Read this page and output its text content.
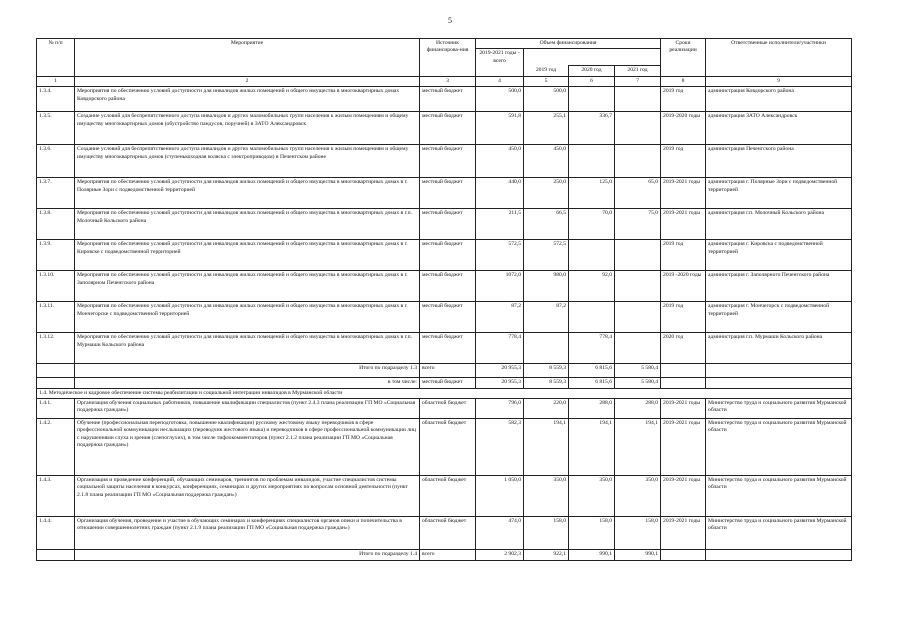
5
№ п/п	Мероприятие	Источник финансирова-ния	Объем финансирования				Сроки реализации	Ответственные исполнители/участники
			2019-2021 годы - всего					
				2019 год	2020 год	2021 год		
1	2	3	4	5	6	7	8	9
1.3.4.	Мероприятия по обеспечению условий доступности для инвалидов жилых помещений и общего имущества в многоквартирных домах Ковдорского района	местный бюджет	500,0	500,0			2019 год	администрация Ковдорского района
1.3.5.	Создание условий для беспрепятственного доступа инвалидов и других маломобильных групп населения к жилым помещениям и общему имуществу многоквартирных домов (обустройство пандусов, поручней) в ЗАТО Александровск	местный бюджет	591,8	255,1	336,7		2019-2020 годы	администрация ЗАТО Александровск
1.3.6.	Создание условий для беспрепятственного доступа инвалидов и других маломобильных групп населения к жилым помещениям и общему имуществу многоквартирных домов (ступенькоходная коляска с электроприводом) в Печенгском районе	местный бюджет	450,0	450,0			2019 год	администрация Печенгского района
1.3.7.	Мероприятия по обеспечению условий доступности для инвалидов жилых помещений и общего имущества в многоквартирных домах в г. Полярные Зори с подведомственной территорией	местный бюджет	440,0	250,0	125,0	65,0	2019-2021 годы	администрация г. Полярные Зори с подведомственной территорией
1.3.8.	Мероприятия по обеспечению условий доступности для инвалидов жилых помещений и общего имущества в многоквартирных домах в г.п. Молочный Кольского района	местный бюджет	211,5	66,5	70,0	75,0	2019-2021 годы	администрация г.п. Молочный Кольского района
1.3.9.	Мероприятия по обеспечению условий доступности для инвалидов жилых помещений и общего имущества в многоквартирных домах в г. Кировске с подведомственной территорией	местный бюджет	572,5	572,5			2019 год	администрация г. Кировска с подведомственной территорией
1.3.10.	Мероприятия по обеспечению условий доступности для инвалидов жилых помещений и общего имущества в многоквартирных домах в г. Заполярном Печенгского района	местный бюджет	1072,0	980,0	92,0		2019 -2020 годы	администрация г. Заполярного Печенгского района
1.3.11.	Мероприятия по обеспечению условий доступности для инвалидов жилых помещений и общего имущества в многоквартирных домах в г. Мончегорске с подведомственной территорией	местный бюджет	87,2	87,2			2019 год	администрация г. Мончегорск с подведомственной территорией
1.3.12.	Мероприятия по обеспечению условий доступности для инвалидов жилых помещений и общего имущества в многоквартирных домах в г.п. Мурмаши Кольского района	местный бюджет	778,4		778,4		2020 год	администрация г.п. Мурмаши Кольского района
	Итого по подразделу 1.3	всего	20 955,3	8 559,3	6 815,6	5 580,4		
	в том числе:	местный бюджет	20 955,3	8 559,3	6 815,6	5 580,4		
1.4. Методическое и кадровое обеспечение системы реабилитации и социальной интеграции инвалидов в Мурманской области								
1.4.1.	Организация обучения социальных работников, повышение квалификации специалистов (пункт 2.4.3 плана реализации ГП МО «Социальная поддержка граждан»)	областной бюджет	796,0	220,0	288,0	288,0	2019-2021 годы	Министерство труда и социального развития Мурманской области
1.4.2.	Обучение (профессиональная переподготовка, повышение квалификации) русскому жестовому языку переводчиков в сфере профессиональной коммуникации неслышащих (переводчик жестового языка) и переводчиков в сфере профессиональной коммуникации лиц с нарушениями слуха и зрения (слепоглухих), в том числе тифлокомментаторов (пункт 2.1.2 плана реализации ГП МО «Социальная поддержка граждан»)	областной бюджет	582,3	194,1	194,1	194,1	2019-2021 годы	Министерство труда и социального развития Мурманской области
1.4.3.	Организация и проведение конференций, обучающих семинаров, тренингов по проблемам инвалидов, участие специалистов системы социальной защиты населения в конкурсах, конференциях, семинарах и других мероприятиях по вопросам основной деятельности (пункт 2.1.8 плана реализации ГП МО «Социальная поддержка граждан»)	областной бюджет	1 050,0	350,0	350,0	350,0	2019-2021 годы	Министерство труда и социального развития Мурманской области
1.4.4.	Организация обучения, проведение и участие в обучающих семинарах и конференциях специалистов органов опеки и попечительства в отношении совершеннолетних граждан (пункт 2.1.9 плана реализации ГП МО «Социальная поддержка граждан»)	областной бюджет	474,0	158,0	158,0	158,0	2019-2021 годы	Министерство труда и социального развития Мурманской области
	Итого по подразделу 1.4	всего	2 902,3	922,1	990,1	990,1		
